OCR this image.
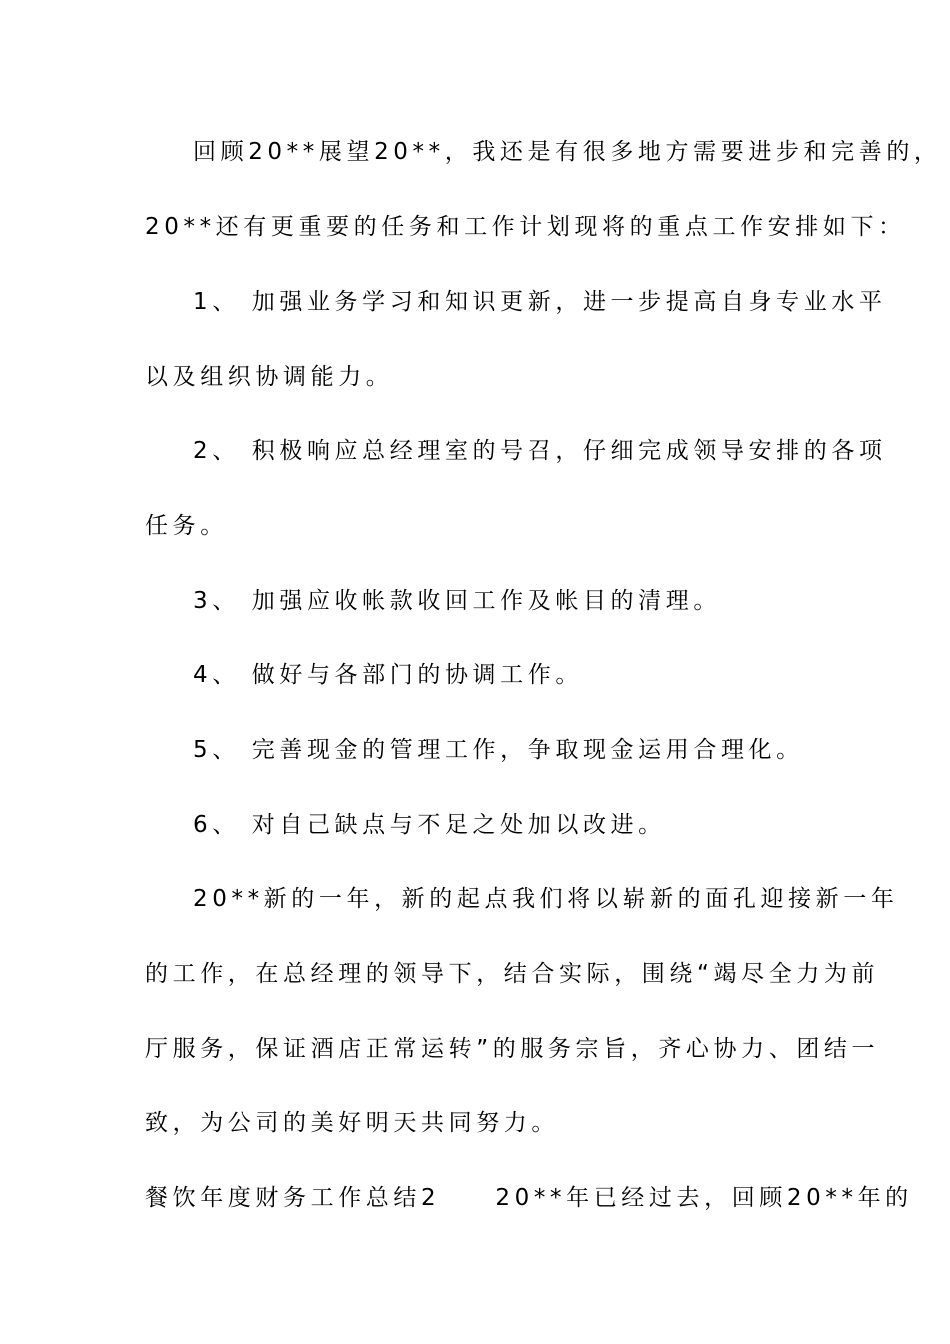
回顾20**展望20**，我还是有很多地方需要进步和完善的，
20**还有更重要的任务和工作计划现将的重点工作安排如下：
1、 加强业务学习和知识更新，进一步提高自身专业水平
以及组织协调能力。
2、 积极响应总经理室的号召，仔细完成领导安排的各项
任务。
3、 加强应收帐款收回工作及帐目的清理。
4、 做好与各部门的协调工作。
5、 完善现金的管理工作，争取现金运用合理化。
6、 对自己缺点与不足之处加以改进。
20**新的一年，新的起点我们将以崭新的面孔迎接新一年
的工作，在总经理的领导下，结合实际，围绕“竭尽全力为前
厅服务，保证酒店正常运转”的服务宗旨，齐心协力、团结一
致，为公司的美好明天共同努力。
餐饮年度财务工作总结2　　20**年已经过去，回顾20**年的
